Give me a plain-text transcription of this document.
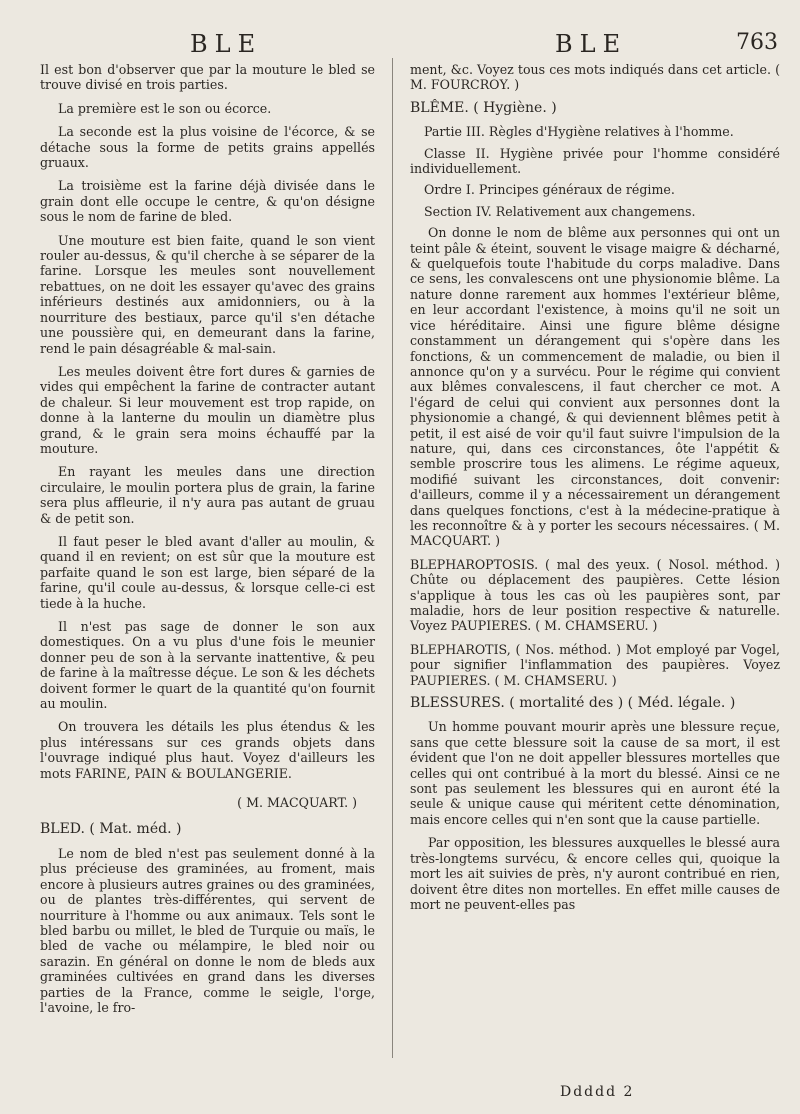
BLE	BLE	763

Il est bon d'observer que par la mouture le bled se trouve divisé en trois parties.

La première est le son ou écorce.

La seconde est la plus voisine de l'écorce, & se détache sous la forme de petits grains appellés gruaux.

La troisième est la farine déjà divisée dans le grain dont elle occupe le centre, & qu'on désigne sous le nom de farine de bled.

Une mouture est bien faite, quand le son vient rouler au-dessus, & qu'il cherche à se séparer de la farine. Lorsque les meules sont nouvellement rebattues, on ne doit les essayer qu'avec des grains inférieurs destinés aux amidonniers, ou à la nourriture des bestiaux, parce qu'il s'en détache une poussière qui, en demeurant dans la farine, rend le pain désagréable & mal-sain.

Les meules doivent être fort dures & garnies de vides qui empêchent la farine de contracter autant de chaleur. Si leur mouvement est trop rapide, on donne à la lanterne du moulin un diamètre plus grand, & le grain sera moins échauffé par la mouture.

En rayant les meules dans une direction circulaire, le moulin portera plus de grain, la farine sera plus affleurie, il n'y aura pas autant de gruau & de petit son.

Il faut peser le bled avant d'aller au moulin, & quand il en revient; on est sûr que la mouture est parfaite quand le son est large, bien séparé de la farine, qu'il coule au-dessus, & lorsque celle-ci est tiede à la huche.

Il n'est pas sage de donner le son aux domestiques. On a vu plus d'une fois le meunier donner peu de son à la servante inattentive, & peu de farine à la maîtresse déçue. Le son & les déchets doivent former le quart de la quantité qu'on fournit au moulin.

On trouvera les détails les plus étendus & les plus intéressans sur ces grands objets dans l'ouvrage indiqué plus haut. Voyez d'ailleurs les mots FARINE, PAIN & BOULANGERIE.

( M. MACQUART. )

BLED. ( Mat. méd. )

Le nom de bled n'est pas seulement donné à la plus précieuse des graminées, au froment, mais encore à plusieurs autres graines ou des graminées, ou de plantes très-différentes, qui servent de nourriture à l'homme ou aux animaux. Tels sont le bled barbu ou millet, le bled de Turquie ou maïs, le bled de vache ou mélampire, le bled noir ou sarazin. En général on donne le nom de bleds aux graminées cultivées en grand dans les diverses parties de la France, comme le seigle, l'orge, l'avoine, le fro-

ment, &c. Voyez tous ces mots indiqués dans cet article. ( M. FOURCROY. )

BLÊME. ( Hygiène. )

Partie III. Règles d'Hygiène relatives à l'homme.

Classe II. Hygiène privée pour l'homme considéré individuellement.

Ordre I. Principes généraux de régime.

Section IV. Relativement aux changemens.

On donne le nom de blême aux personnes qui ont un teint pâle & éteint, souvent le visage maigre & décharné, & quelquefois toute l'habitude du corps maladive. Dans ce sens, les convalescens ont une physionomie blême. La nature donne rarement aux hommes l'extérieur blême, en leur accordant l'existence, à moins qu'il ne soit un vice héréditaire. Ainsi une figure blême désigne constamment un dérangement qui s'opère dans les fonctions, & un commencement de maladie, ou bien il annonce qu'on y a survécu. Pour le régime qui convient aux blêmes convalescens, il faut chercher ce mot. A l'égard de celui qui convient aux personnes dont la physionomie a changé, & qui deviennent blêmes petit à petit, il est aisé de voir qu'il faut suivre l'impulsion de la nature, qui, dans ces circonstances, ôte l'appétit & semble proscrire tous les alimens. Le régime aqueux, modifié suivant les circonstances, doit convenir: d'ailleurs, comme il y a nécessairement un dérangement dans quelques fonctions, c'est à la médecine-pratique à les reconnoître & à y porter les secours nécessaires. ( M. MACQUART. )

BLEPHAROPTOSIS. ( mal des yeux. ( Nosol. méthod. ) Chûte ou déplacement des paupières. Cette lésion s'applique à tous les cas où les paupières sont, par maladie, hors de leur position respective & naturelle. Voyez PAUPIERES. ( M. CHAMSERU. )

BLEPHAROTIS, ( Nos. méthod. ) Mot employé par Vogel, pour signifier l'inflammation des paupières. Voyez PAUPIERES. ( M. CHAMSERU. )

BLESSURES. ( mortalité des ) ( Méd. légale. )

Un homme pouvant mourir après une blessure reçue, sans que cette blessure soit la cause de sa mort, il est évident que l'on ne doit appeller blessures mortelles que celles qui ont contribué à la mort du blessé. Ainsi ce ne sont pas seulement les blessures qui en auront été la seule & unique cause qui méritent cette dénomination, mais encore celles qui n'en sont que la cause partielle.

Par opposition, les blessures auxquelles le blessé aura très-longtems survécu, & encore celles qui, quoique la mort les ait suivies de près, n'y auront contribué en rien, doivent être dites non mortelles. En effet mille causes de mort ne peuvent-elles pas

Ddddd 2
